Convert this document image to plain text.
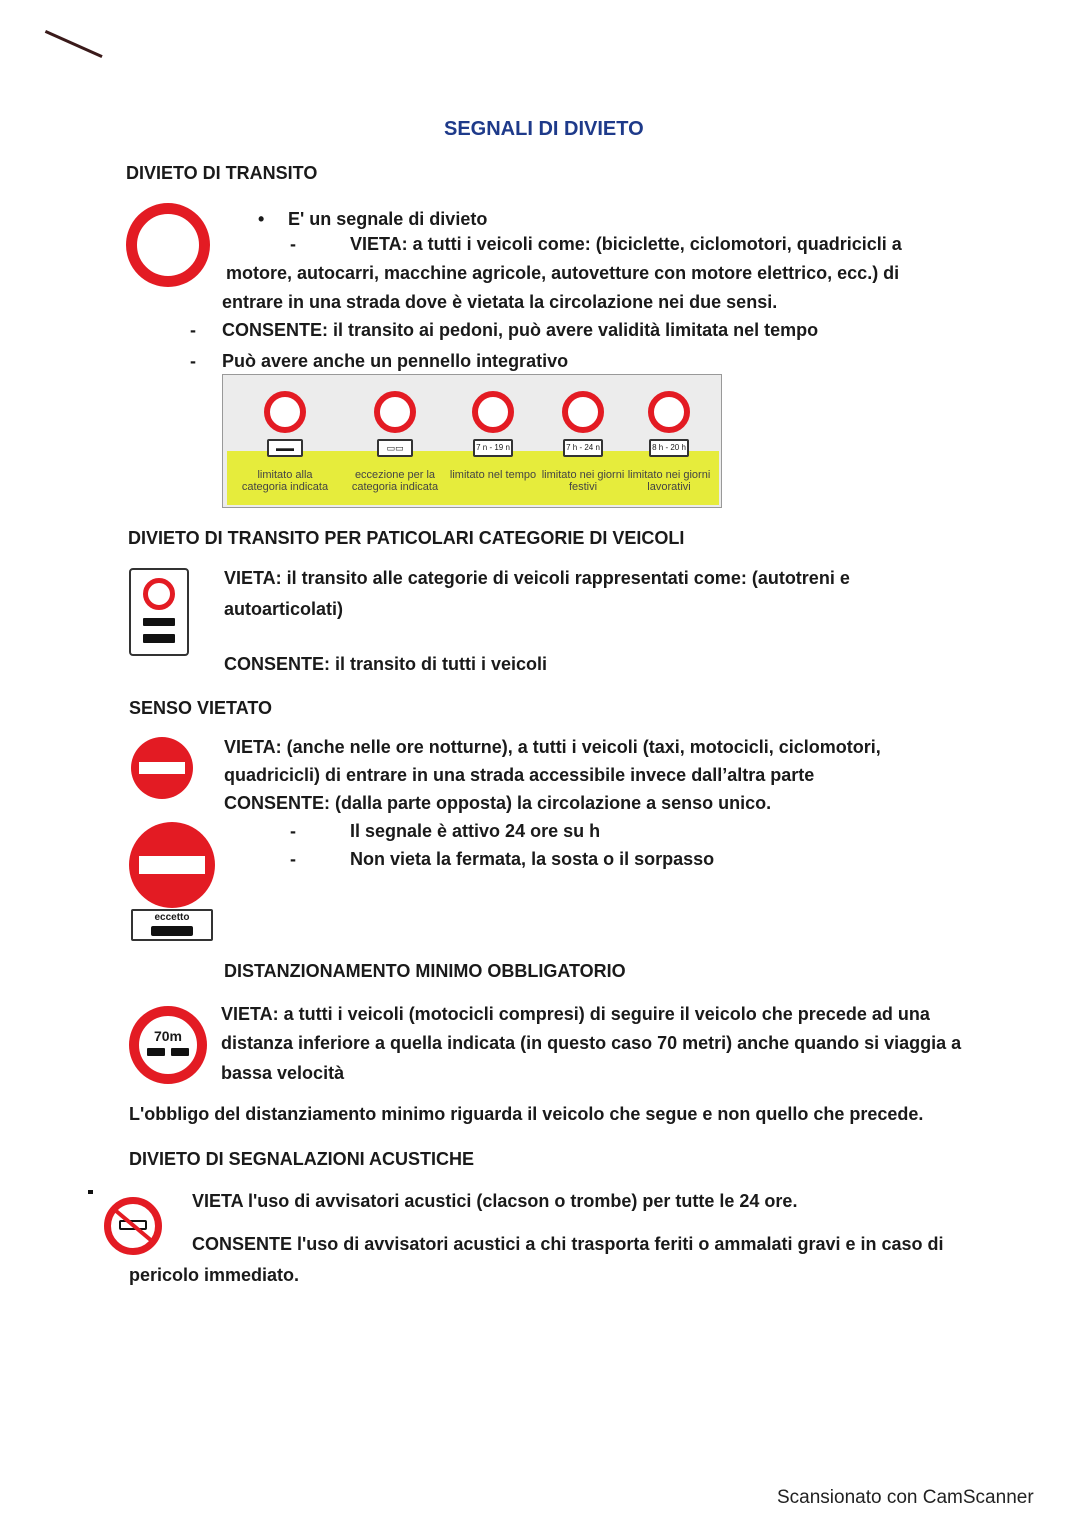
SEGNALI DI DIVIETO
DIVIETO DI TRANSITO
• E' un segnale di divieto
-	VIETA: a tutti i veicoli come: (biciclette, ciclomotori, quadricicli a
motore, autocarri, macchine agricole, autovetture con motore elettrico, ecc.) di
entrare in una strada dove è vietata la circolazione nei due sensi.
- CONSENTE: il transito ai pedoni, può avere validità limitata nel tempo
- Può avere anche un pennello integrativo
▬▬
limitato alla categoria indicata
▭▭
eccezione per la categoria indicata
7 n - 19 n
limitato nel tempo
7 h - 24 n
limitato nei giorni festivi
8 h - 20 h
limitato nei giorni lavorativi
DIVIETO DI TRANSITO PER PATICOLARI CATEGORIE DI VEICOLI
VIETA: il transito alle categorie di veicoli rappresentati come: (autotreni e
autoarticolati)
CONSENTE: il transito di tutti i veicoli
SENSO VIETATO
eccetto
VIETA: (anche nelle ore notturne), a tutti i veicoli (taxi, motocicli, ciclomotori,
quadricicli) di entrare in una strada accessibile invece dall’altra parte
CONSENTE: (dalla parte opposta) la circolazione a senso unico.
-	Il segnale è attivo 24 ore su h
-	Non vieta la fermata, la sosta o il sorpasso
DISTANZIONAMENTO MINIMO OBBLIGATORIO
70m
VIETA: a tutti i veicoli (motocicli compresi) di seguire il veicolo che precede ad una
distanza inferiore a quella indicata (in questo caso 70 metri) anche quando si viaggia a
bassa velocità
L'obbligo del distanziamento minimo riguarda il veicolo che segue e non quello che precede.
DIVIETO DI SEGNALAZIONI ACUSTICHE
VIETA l'uso di avvisatori acustici (clacson o trombe) per tutte le 24 ore.
CONSENTE l'uso di avvisatori acustici a chi trasporta feriti o ammalati gravi e in caso di
pericolo immediato.
Scansionato con CamScanner
